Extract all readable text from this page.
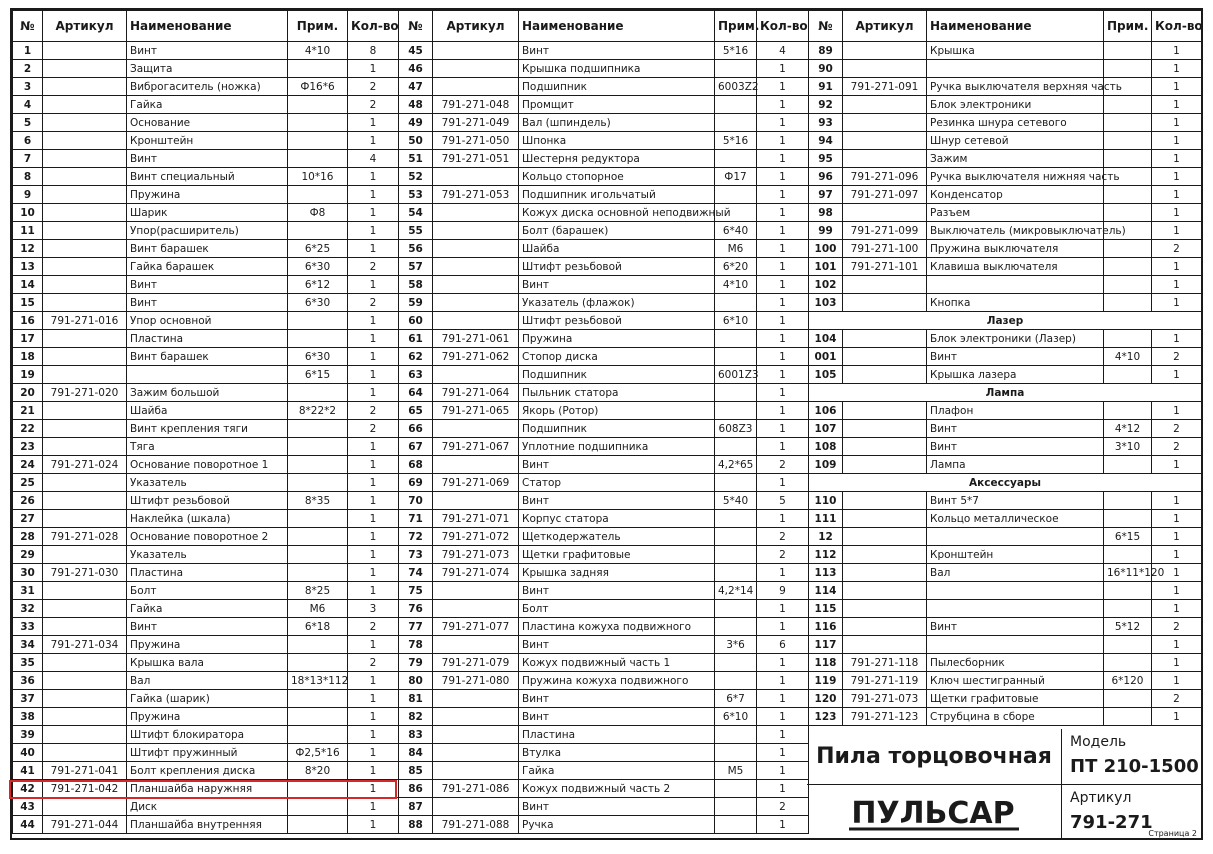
№	Артикул	Наименование	Прим.	Кол-во
1		Винт	4*10	8
2		Защита		1
3		Виброгаситель (ножка)	Ф16*6	2
4		Гайка		2
5		Основание		1
6		Кронштейн		1
7		Винт		4
8		Винт специальный	10*16	1
9		Пружина		1
10		Шарик	Ф8	1
11		Упор(расширитель)		1
12		Винт барашек	6*25	1
13		Гайка барашек	6*30	2
14		Винт	6*12	1
15		Винт	6*30	2
16	791-271-016	Упор основной		1
17		Пластина		1
18		Винт барашек	6*30	1
19			6*15	1
20	791-271-020	Зажим большой		1
21		Шайба	8*22*2	2
22		Винт крепления тяги		2
23		Тяга		1
24	791-271-024	Основание поворотное 1		1
25		Указатель		1
26		Штифт резьбовой	8*35	1
27		Наклейка (шкала)		1
28	791-271-028	Основание поворотное 2		1
29		Указатель		1
30	791-271-030	Пластина		1
31		Болт	8*25	1
32		Гайка	М6	3
33		Винт	6*18	2
34	791-271-034	Пружина		1
35		Крышка вала		2
36		Вал	18*13*112	1
37		Гайка (шарик)		1
38		Пружина		1
39		Штифт блокиратора		1
40		Штифт пружинный	Ф2,5*16	1
41	791-271-041	Болт крепления диска	8*20	1
42	791-271-042	Планшайба наружняя		1
43		Диск		1
44	791-271-044	Планшайба внутренняя		1
№	Артикул	Наименование	Прим.	Кол-во
45		Винт	5*16	4
46		Крышка подшипника		1
47		Подшипник	6003Z2	1
48	791-271-048	Промщит		1
49	791-271-049	Вал (шпиндель)		1
50	791-271-050	Шпонка	5*16	1
51	791-271-051	Шестерня редуктора		1
52		Кольцо стопорное	Ф17	1
53	791-271-053	Подшипник игольчатый		1
54		Кожух диска основной неподвижный		1
55		Болт (барашек)	6*40	1
56		Шайба	М6	1
57		Штифт резьбовой	6*20	1
58		Винт	4*10	1
59		Указатель (флажок)		1
60		Штифт резьбовой	6*10	1
61	791-271-061	Пружина		1
62	791-271-062	Стопор диска		1
63		Подшипник	6001Z3	1
64	791-271-064	Пыльник статора		1
65	791-271-065	Якорь (Ротор)		1
66		Подшипник	608Z3	1
67	791-271-067	Уплотние подшипника		1
68		Винт	4,2*65	2
69	791-271-069	Статор		1
70		Винт	5*40	5
71	791-271-071	Корпус статора		1
72	791-271-072	Щеткодержатель		2
73	791-271-073	Щетки графитовые		2
74	791-271-074	Крышка задняя		1
75		Винт	4,2*14	9
76		Болт		1
77	791-271-077	Пластина кожуха подвижного		1
78		Винт	3*6	6
79	791-271-079	Кожух подвижный часть 1		1
80	791-271-080	Пружина кожуха подвижного		1
81		Винт	6*7	1
82		Винт	6*10	1
83		Пластина		1
84		Втулка		1
85		Гайка	М5	1
86	791-271-086	Кожух подвижный часть 2		1
87		Винт		2
88	791-271-088	Ручка		1
№	Артикул	Наименование	Прим.	Кол-во
89		Крышка		1
90				1
91	791-271-091	Ручка выключателя верхняя часть		1
92		Блок электроники		1
93		Резинка шнура сетевого		1
94		Шнур сетевой		1
95		Зажим		1
96	791-271-096	Ручка выключателя нижняя часть		1
97	791-271-097	Конденсатор		1
98		Разъем		1
99	791-271-099	Выключатель (микровыключатель)		1
100	791-271-100	Пружина выключателя		2
101	791-271-101	Клавиша выключателя		1
102				1
103		Кнопка		1
Лазер				
104		Блок электроники (Лазер)		1
001		Винт	4*10	2
105		Крышка лазера		1
Лампа				
106		Плафон		1
107		Винт	4*12	2
108		Винт	3*10	2
109		Лампа		1
Аксессуары				
110		Винт 5*7		1
111		Кольцо металлическое		1
12			6*15	1
112		Кронштейн		1
113		Вал	16*11*120	1
114				1
115				1
116		Винт	5*12	2
117				1
118	791-271-118	Пылесборник		1
119	791-271-119	Ключ шестигранный	6*120	1
120	791-271-073	Щетки графитовые		2
123	791-271-123	Струбцина в сборе		1
Пила торцовочная
ПУЛЬСАР
Модель
ПТ 210-1500
Артикул
791-271
Страница 2
